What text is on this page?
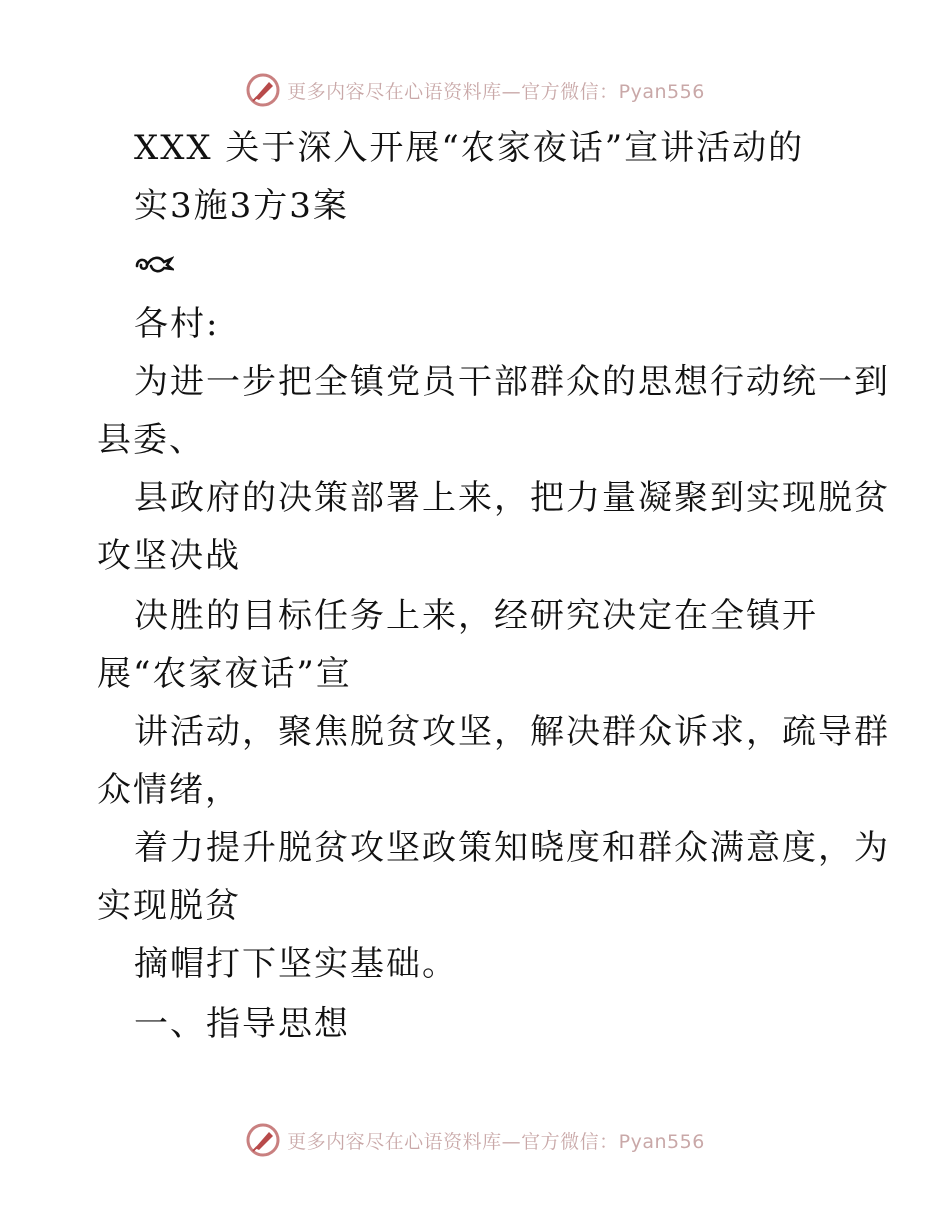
更多内容尽在心语资料库—官方微信：Pyan556
XXX 关于深入开展“农家夜话”宣讲活动的
实3施3方3案
各村:
为进一步把全镇党员干部群众的思想行动统一到
县委、
县政府的决策部署上来，把力量凝聚到实现脱贫
攻坚决战
决胜的目标任务上来，经研究决定在全镇开
展“农家夜话”宣
讲活动，聚焦脱贫攻坚，解决群众诉求，疏导群
众情绪，
着力提升脱贫攻坚政策知晓度和群众满意度，为
实现脱贫
摘帽打下坚实基础。
一、指导思想
更多内容尽在心语资料库—官方微信：Pyan556
